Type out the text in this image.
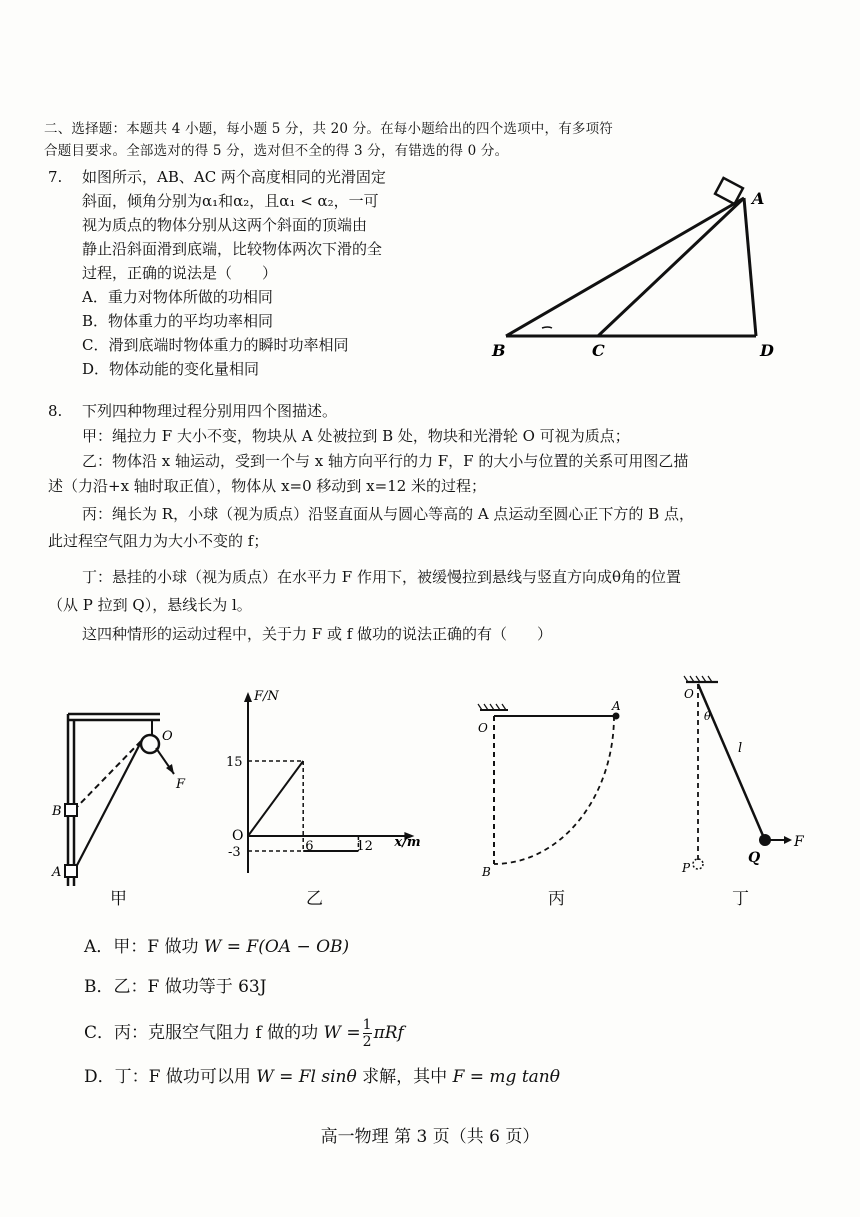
二、选择题：本题共 4 小题，每小题 5 分，共 20 分。在每小题给出的四个选项中，有多项符
合题目要求。全部选对的得 5 分，选对但不全的得 3 分，有错选的得 0 分。
7. 如图所示，AB、AC 两个高度相同的光滑固定
斜面，倾角分别为α₁和α₂，且α₁ < α₂，一可
视为质点的物体分别从这两个斜面的顶端由
静止沿斜面滑到底端，比较物体两次下滑的全
过程，正确的说法是（　　）
A．重力对物体所做的功相同
B．物体重力的平均功率相同
C．滑到底端时物体重力的瞬时功率相同
D．物体动能的变化量相同
A
B	C	D
8. 下列四种物理过程分别用四个图描述。
甲：绳拉力 F 大小不变，物块从 A 处被拉到 B 处，物块和光滑轮 O 可视为质点；
乙：物体沿 x 轴运动，受到一个与 x 轴方向平行的力 F，F 的大小与位置的关系可用图乙描
述（力沿+x 轴时取正值），物体从 x=0 移动到 x=12 米的过程；
丙：绳长为 R，小球（视为质点）沿竖直面从与圆心等高的 A 点运动至圆心正下方的 B 点，
此过程空气阻力为大小不变的 f；
丁：悬挂的小球（视为质点）在水平力 F 作用下，被缓慢拉到悬线与竖直方向成θ角的位置
（从 P 拉到 Q），悬线长为 l。
这四种情形的运动过程中，关于力 F 或 f 做功的说法正确的有（　　）
O
F
B
A
甲
F/N
x/m
O
15
-3	6	12
乙
O
A
B
丙
O
θ
l
Q
F
P
丁
A．甲：F 做功 W = F(OA − OB)
B．乙：F 做功等于 63J
C．丙：克服空气阻力 f 做的功 $W = \frac{1}{2}$ πRf
D．丁：F 做功可以用 W = Fl sinθ 求解，其中 F = mg tanθ
高一物理 第 3 页（共 6 页）
